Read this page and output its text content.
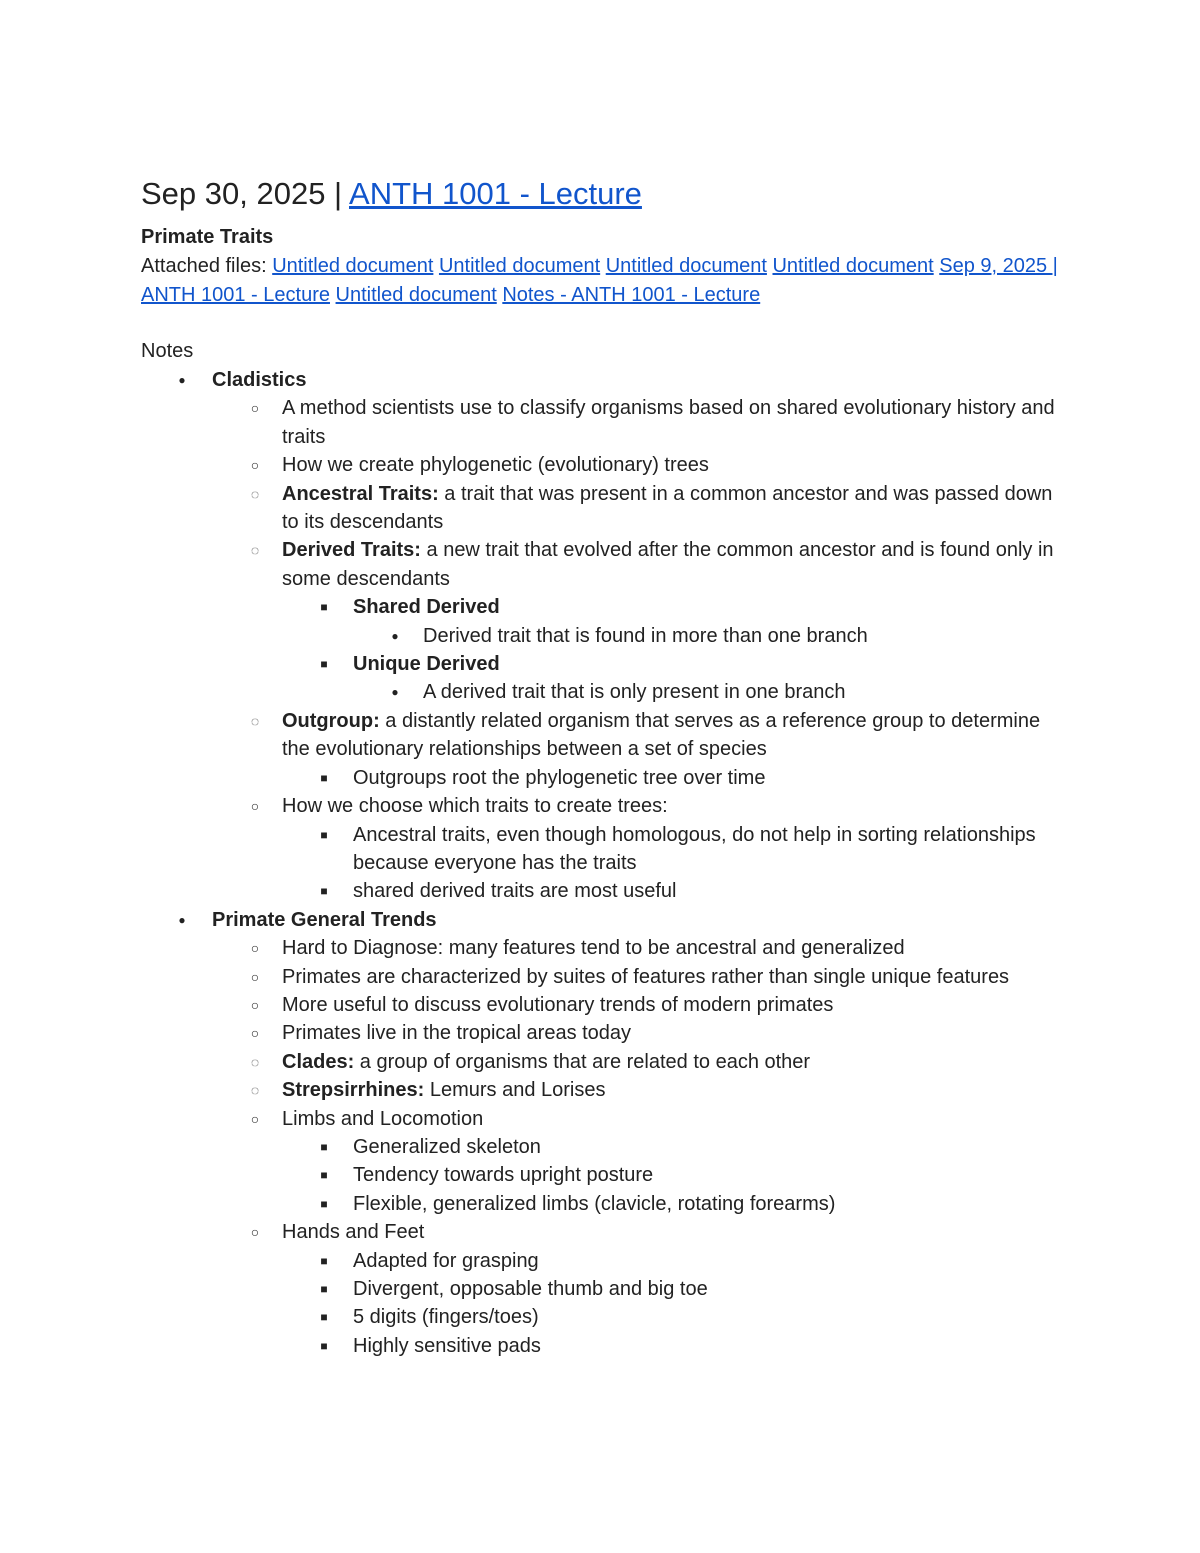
Sep 30, 2025 | ANTH 1001 - Lecture
Primate Traits
Attached files: Untitled document Untitled document Untitled document Untitled document Sep 9, 2025 | ANTH 1001 - Lecture Untitled document Notes - ANTH 1001 - Lecture
Notes
●
Cladistics
○
A method scientists use to classify organisms based on shared evolutionary history and traits
○
How we create phylogenetic (evolutionary) trees
◌
Ancestral Traits: a trait that was present in a common ancestor and was passed down to its descendants
◌
Derived Traits: a new trait that evolved after the common ancestor and is found only in some descendants
■
Shared Derived
●
Derived trait that is found in more than one branch
■
Unique Derived
●
A derived trait that is only present in one branch
◌
Outgroup: a distantly related organism that serves as a reference group to determine the evolutionary relationships between a set of species
■
Outgroups root the phylogenetic tree over time
○
How we choose which traits to create trees:
■
Ancestral traits, even though homologous, do not help in sorting relationships because everyone has the traits
■
shared derived traits are most useful
●
Primate General Trends
○
Hard to Diagnose: many features tend to be ancestral and generalized
○
Primates are characterized by suites of features rather than single unique features
○
More useful to discuss evolutionary trends of modern primates
○
Primates live in the tropical areas today
◌
Clades: a group of organisms that are related to each other
◌
Strepsirrhines: Lemurs and Lorises
○
Limbs and Locomotion
■
Generalized skeleton
■
Tendency towards upright posture
■
Flexible, generalized limbs (clavicle, rotating forearms)
○
Hands and Feet
■
Adapted for grasping
■
Divergent, opposable thumb and big toe
■
5 digits (fingers/toes)
■
Highly sensitive pads
